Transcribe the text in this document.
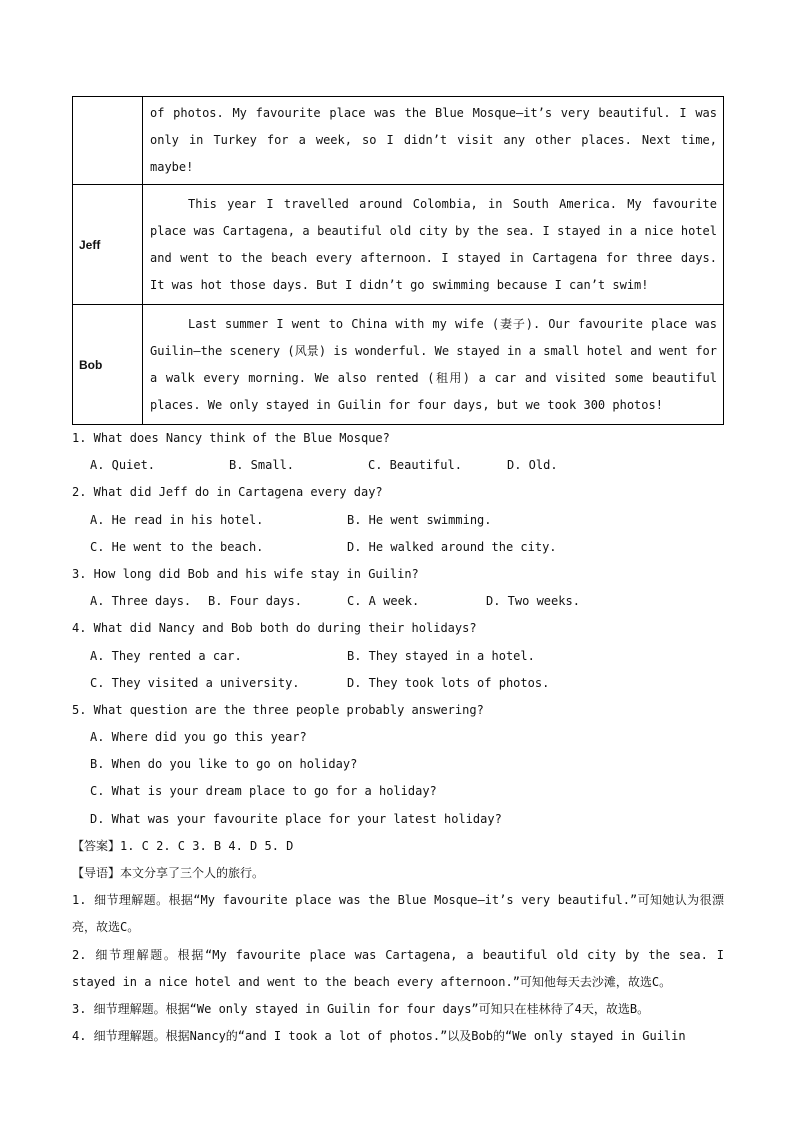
	of photos. My favourite place was the Blue Mosque—it’s very beautiful. I was only in Turkey for a week, so I didn’t visit any other places. Next time, maybe!

Jeff	This year I travelled around Colombia, in South America. My favourite place was Cartagena, a beautiful old city by the sea. I stayed in a nice hotel and went to the beach every afternoon. I stayed in Cartagena for three days. It was hot those days. But I didn’t go swimming because I can’t swim!

Bob	Last summer I went to China with my wife (妻子). Our favourite place was Guilin—the scenery (风景) is wonderful. We stayed in a small hotel and went for a walk every morning. We also rented (租用) a car and visited some beautiful places. We only stayed in Guilin for four days, but we took 300 photos!

1. What does Nancy think of the Blue Mosque?
A. Quiet.	B. Small.	C. Beautiful.	D. Old.
2. What did Jeff do in Cartagena every day?
A. He read in his hotel.	B. He went swimming.
C. He went to the beach.	D. He walked around the city.
3. How long did Bob and his wife stay in Guilin?
A. Three days.	B. Four days.	C. A week.	D. Two weeks.
4. What did Nancy and Bob both do during their holidays?
A. They rented a car.	B. They stayed in a hotel.
C. They visited a university.	D. They took lots of photos.
5. What question are the three people probably answering?
A. Where did you go this year?
B. When do you like to go on holiday?
C. What is your dream place to go for a holiday?
D. What was your favourite place for your latest holiday?
【答案】1. C 2. C 3. B 4. D 5. D
【导语】本文分享了三个人的旅行。
1. 细节理解题。根据“My favourite place was the Blue Mosque—it’s very beautiful.”可知她认为很漂亮，故选C。
2. 细节理解题。根据“My favourite place was Cartagena, a beautiful old city by the sea. I stayed in a nice hotel and went to the beach every afternoon.”可知他每天去沙滩，故选C。
3. 细节理解题。根据“We only stayed in Guilin for four days”可知只在桂林待了4天，故选B。
4. 细节理解题。根据Nancy的“and I took a lot of photos.”以及Bob的“We only stayed in Guilin
